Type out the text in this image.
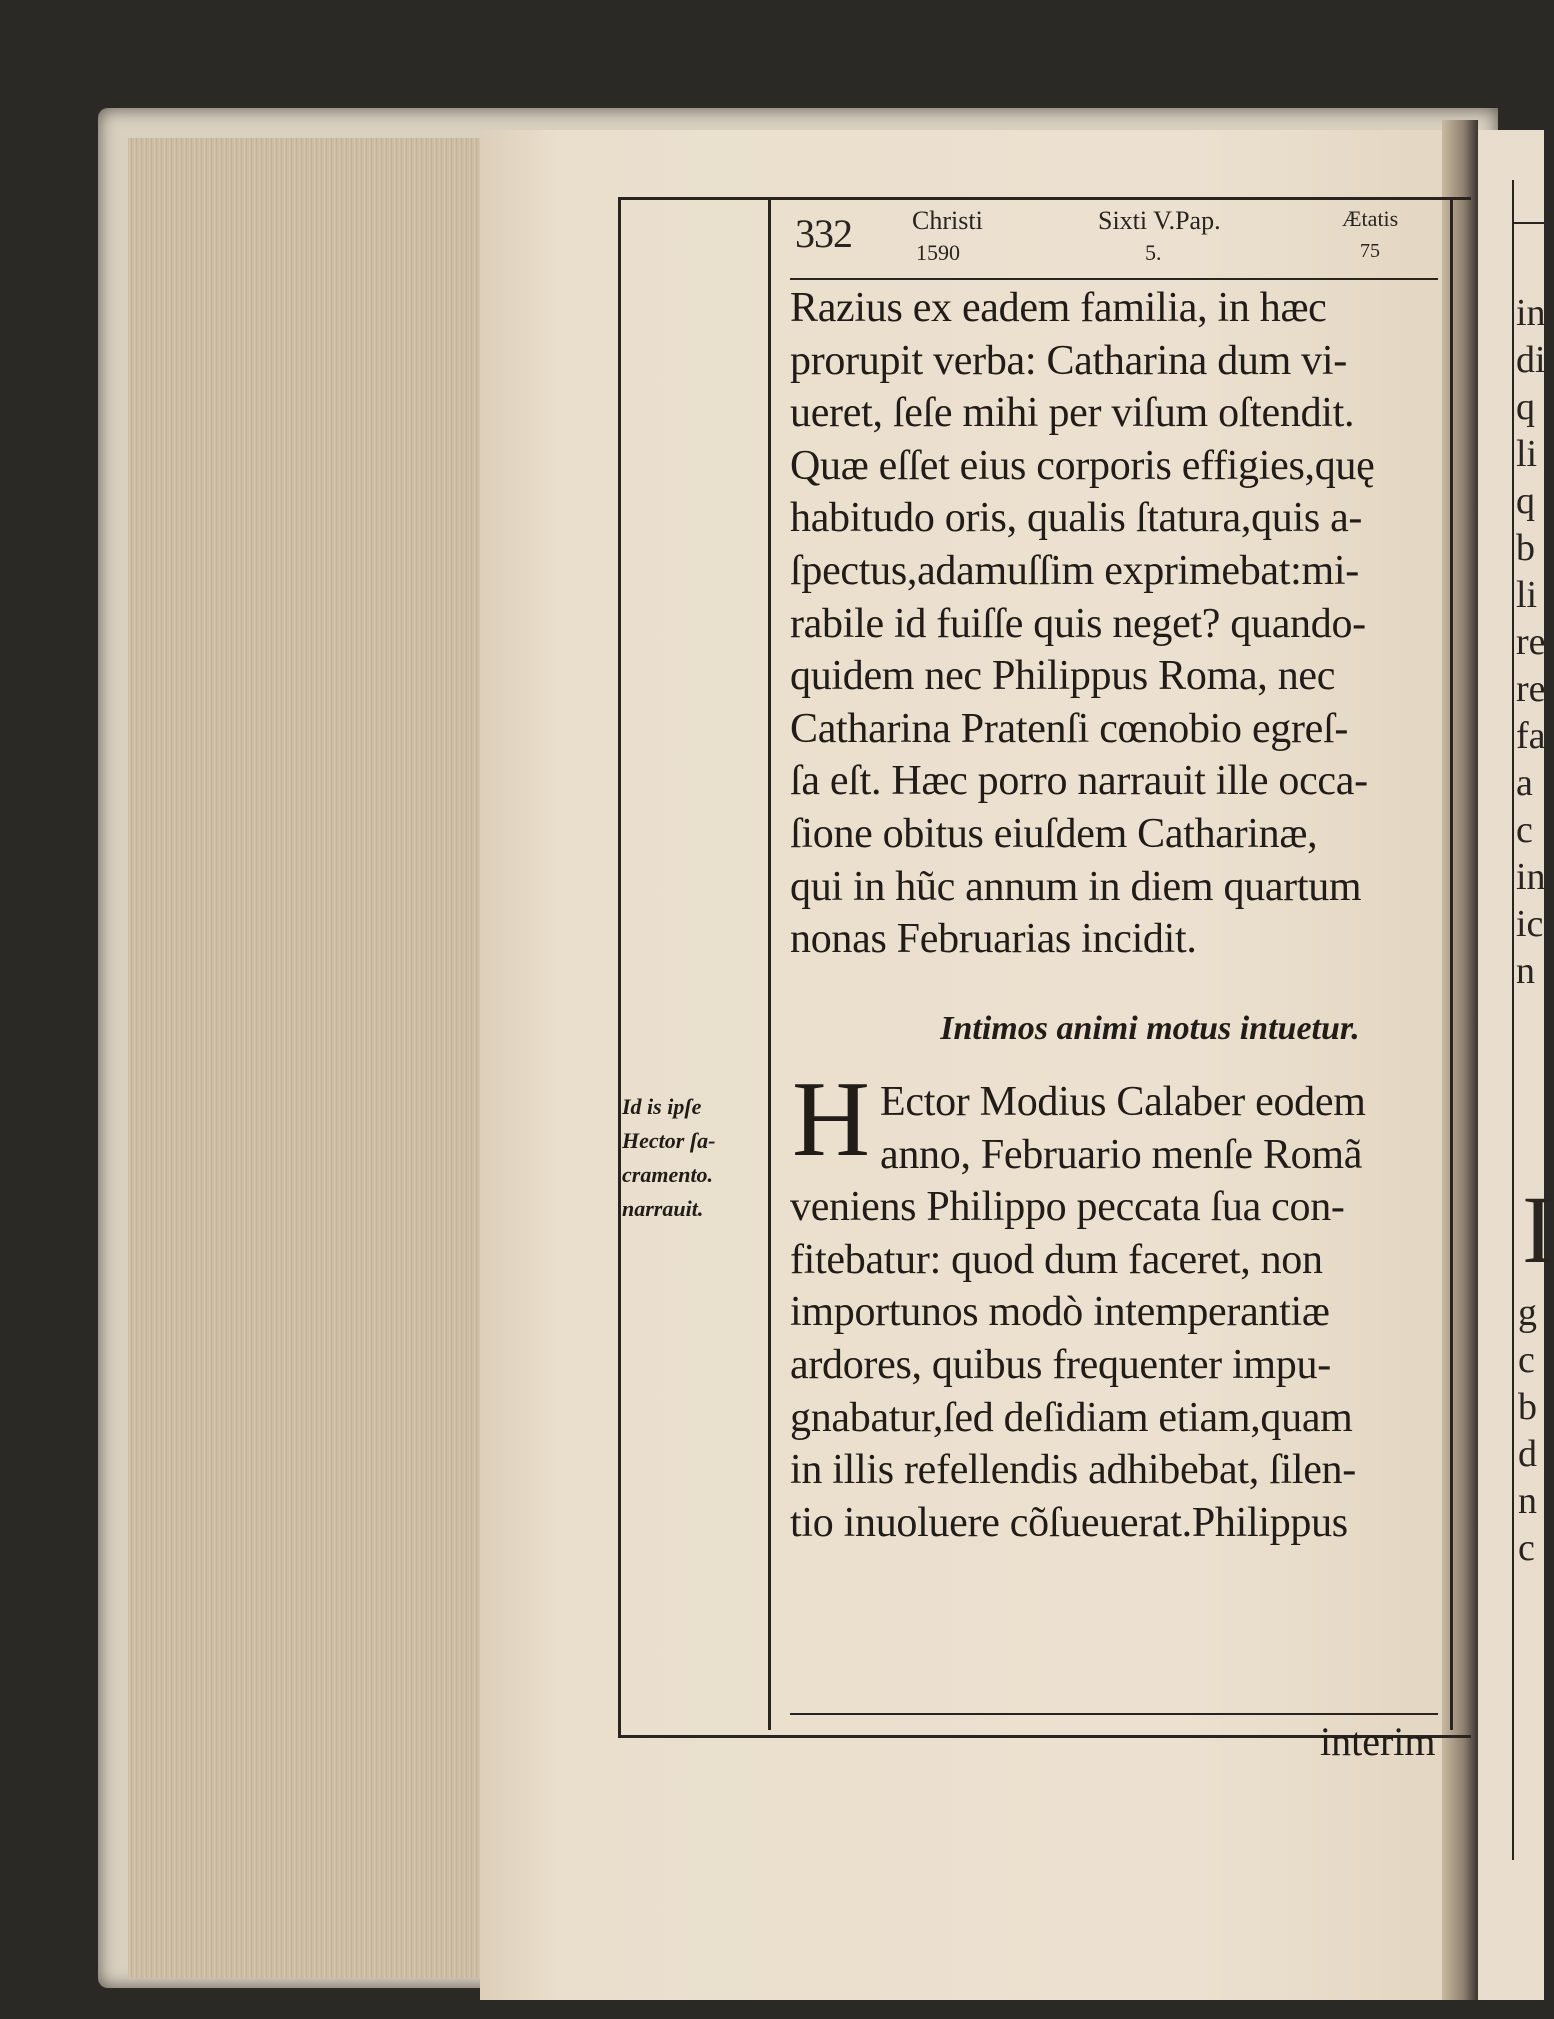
in
di
q
li
q
b
li
re
re
fa
a
c
in
ic
n
I
g
c
b
d
n
c
332 Christi
1590
Sixti V.Pap.
5.
Ætatis
75
Razius ex eadem familia, in hæc
prorupit verba: Catharina dum vi-
ueret, ſeſe mihi per viſum oſtendit.
Quæ eſſet eius corporis effigies,quę
habitudo oris, qualis ſtatura,quis a-
ſpectus,adamuſſim exprimebat:mi-
rabile id fuiſſe quis neget? quando-
quidem nec Philippus Roma, nec
Catharina Pratenſi cœnobio egreſ-
ſa eſt. Hæc porro narrauit ille occa-
ſione obitus eiuſdem Catharinæ,
qui in hũc annum in diem quartum
nonas Februarias incidit.
Intimos animi motus intuetur.
H Ector Modius Calaber eodem
anno, Februario menſe Romã
veniens Philippo peccata ſua con-
fitebatur: quod dum faceret, non
importunos modò intemperantiæ
ardores, quibus frequenter impu-
gnabatur,ſed deſidiam etiam,quam
in illis refellendis adhibebat, ſilen-
tio inuoluere cõſueuerat.Philippus
interim
Id is ipſe
Hector ſa-
cramento.
narrauit.
